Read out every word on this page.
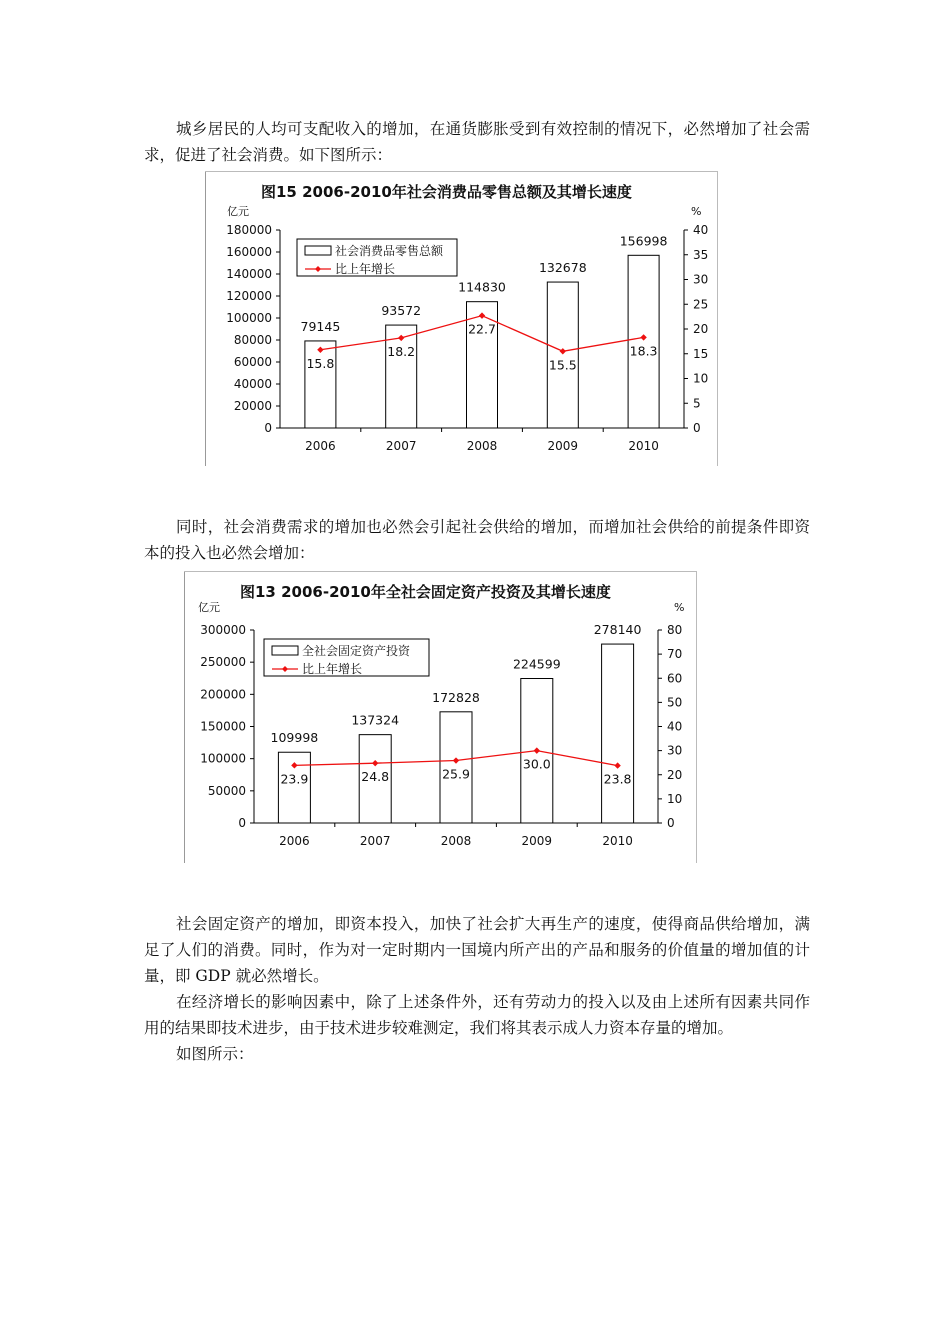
城乡居民的人均可支配收入的增加，在通货膨胀受到有效控制的情况下，必然增加了社会需求，促进了社会消费。如下图所示：

图15 2006-2010年社会消费品零售总额及其增长速度
亿元	%
0
20000
40000
60000
80000
100000
120000
140000
160000
180000
0
5
10
15
20
25
30
35
40
2006
79145
2007
93572
2008
114830
2009
132678
2010
156998
15.8
18.2
22.7
15.5
18.3
社会消费品零售总额
比上年增长

同时，社会消费需求的增加也必然会引起社会供给的增加，而增加社会供给的前提条件即资本的投入也必然会增加：

图13 2006-2010年全社会固定资产投资及其增长速度
亿元	%
0
50000
100000
150000
200000
250000
300000
0
10
20
30
40
50
60
70
80
2006
109998
2007
137324
2008
172828
2009
224599
2010
278140
23.9	24.8	25.9
30.0
23.8
全社会固定资产投资
比上年增长

社会固定资产的增加，即资本投入，加快了社会扩大再生产的速度，使得商品供给增加，满足了人们的消费。同时，作为对一定时期内一国境内所产出的产品和服务的价值量的增加值的计量，即 GDP 就必然增长。

在经济增长的影响因素中，除了上述条件外，还有劳动力的投入以及由上述所有因素共同作用的结果即技术进步，由于技术进步较难测定，我们将其表示成人力资本存量的增加。

如图所示：
